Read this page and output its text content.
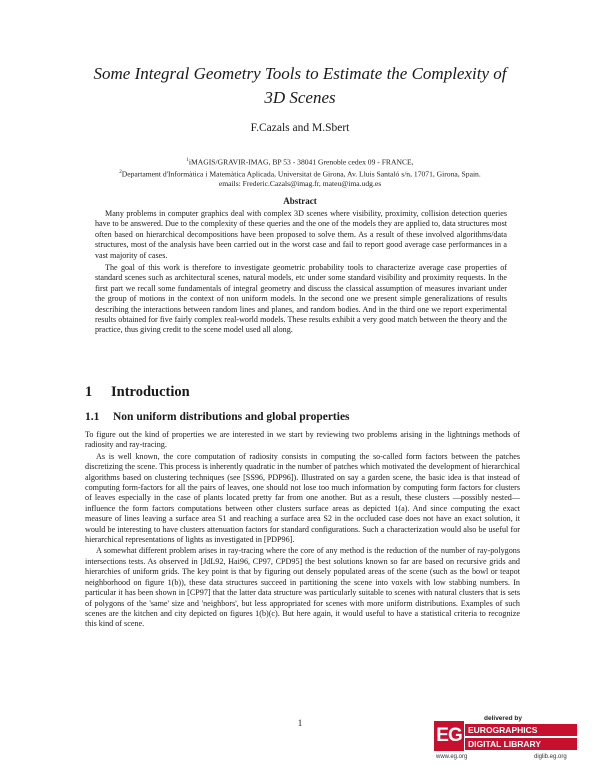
Some Integral Geometry Tools to Estimate the Complexity of
3D Scenes
F.Cazals and M.Sbert
$^1$iMAGIS/GRAVIR-IMAG, BP 53 - 38041 Grenoble cedex 09 - FRANCE,
$^2$Departament d'Informàtica i Matemàtica Aplicada, Universitat de Girona, Av. Lluis Santaló s/n, 17071, Girona, Spain.
emails: Frederic.Cazals@imag.fr, mateu@ima.udg.es
Abstract

Many problems in computer graphics deal with complex 3D scenes where visibility, proximity, collision detection queries have to be answered. Due to the complexity of these queries and the one of the models they are applied to, data structures most often based on hierarchical decompositions have been proposed to solve them. As a result of these involved algorithms/data structures, most of the analysis have been carried out in the worst case and fail to report good average case performances in a vast majority of cases.

The goal of this work is therefore to investigate geometric probability tools to characterize average case properties of standard scenes such as architectural scenes, natural models, etc under some standard visibility and proximity requests. In the first part we recall some fundamentals of integral geometry and discuss the classical assumption of measures invariant under the group of motions in the context of non uniform models. In the second one we present simple generalizations of results describing the interactions between random lines and planes, and random bodies. And in the third one we report experimental results obtained for five fairly complex real-world models. These results exhibit a very good match between the theory and the practice, thus giving credit to the scene model used all along.

1 Introduction
1.1 Non uniform distributions and global properties

To figure out the kind of properties we are interested in we start by reviewing two problems arising in the lightnings methods of radiosity and ray-tracing.

As is well known, the core computation of radiosity consists in computing the so-called form factors between the patches discretizing the scene. This process is inherently quadratic in the number of patches which motivated the development of hierarchical algorithms based on clustering techniques (see [SS96, PDP96]). Illustrated on say a garden scene, the basic idea is that instead of computing form-factors for all the pairs of leaves, one should not lose too much information by computing form factors for clusters of leaves especially in the case of plants located pretty far from one another. But as a result, these clusters —possibly nested— influence the form factors computations between other clusters surface areas as depicted 1(a). And since computing the exact measure of lines leaving a surface area S1 and reaching a surface area S2 in the occluded case does not have an exact solution, it would be interesting to have clusters attenuation factors for standard configurations. Such a characterization would also be useful for hierarchical representations of lights as investigated in [PDP96].

A somewhat different problem arises in ray-tracing where the core of any method is the reduction of the number of ray-polygons intersections tests. As observed in [JdL92, Hai96, CP97, CPD95] the best solutions known so far are based on recursive grids and hierarchies of uniform grids. The key point is that by figuring out densely populated areas of the scene (such as the bowl or teapot neighborhood on figure 1(b)), these data structures succeed in partitioning the scene into voxels with low stabbing numbers. In particular it has been shown in [CP97] that the latter data structure was particularly suitable to scenes with natural clusters that is sets of polygons of the 'same' size and 'neighbors', but less appropriated for scenes with more uniform distributions. Examples of such scenes are the kitchen and city depicted on figures 1(b)(c). But here again, it would useful to have a statistical criteria to recognize this kind of scene.

1	delivered by
EG EUROGRAPHICS
DIGITAL LIBRARY
www.eg.org	diglib.eg.org
